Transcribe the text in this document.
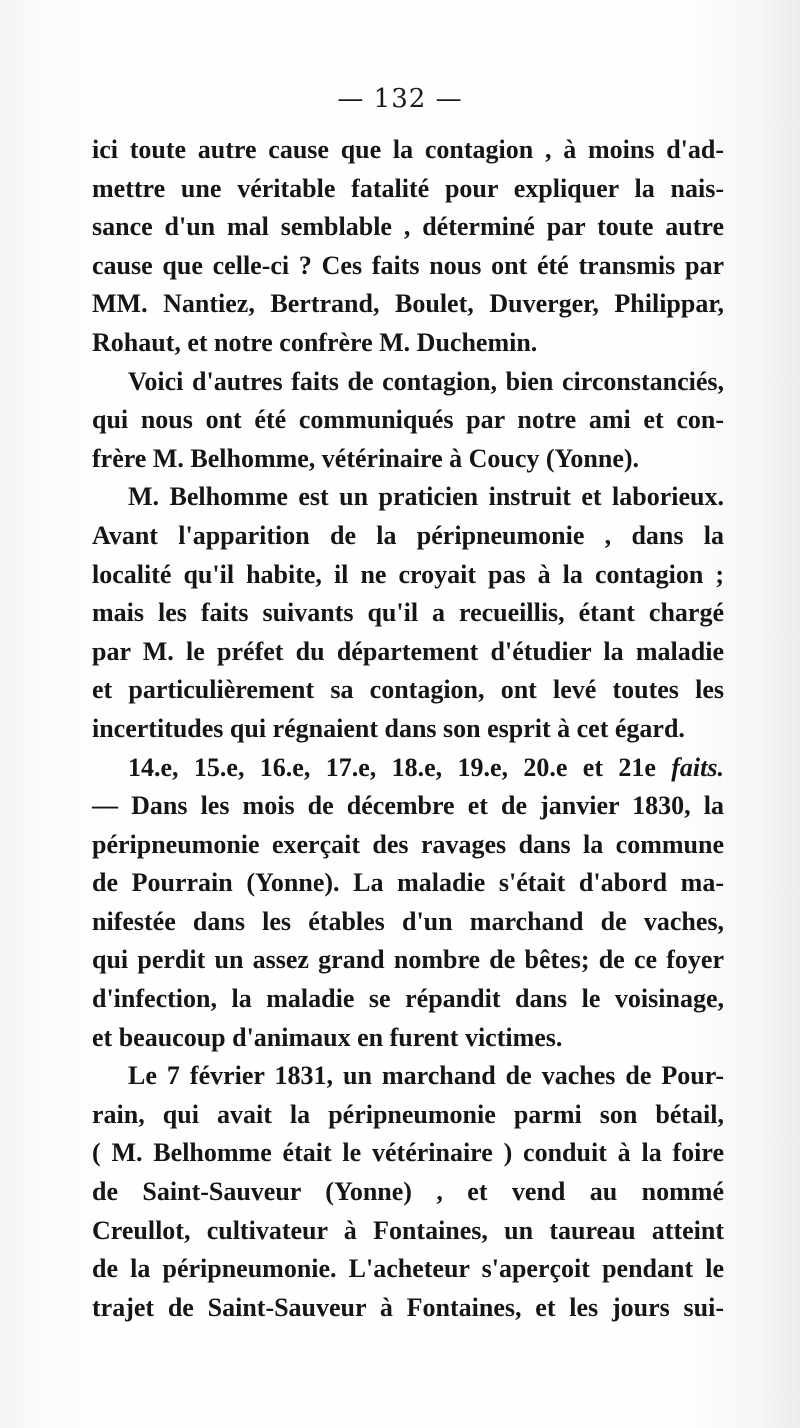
— 132 —
ici toute autre cause que la contagion , à moins d'ad-
mettre une véritable fatalité pour expliquer la nais-
sance d'un mal semblable , déterminé par toute autre
cause que celle-ci ? Ces faits nous ont été transmis par
MM. Nantiez, Bertrand, Boulet, Duverger, Philippar,
Rohaut, et notre confrère M. Duchemin.
Voici d'autres faits de contagion, bien circonstanciés,
qui nous ont été communiqués par notre ami et con-
frère M. Belhomme, vétérinaire à Coucy (Yonne).
M. Belhomme est un praticien instruit et laborieux.
Avant l'apparition de la péripneumonie , dans la
localité qu'il habite, il ne croyait pas à la contagion ;
mais les faits suivants qu'il a recueillis, étant chargé
par M. le préfet du département d'étudier la maladie
et particulièrement sa contagion, ont levé toutes les
incertitudes qui régnaient dans son esprit à cet égard.
14.e, 15.e, 16.e, 17.e, 18.e, 19.e, 20.e et 21e faits.
— Dans les mois de décembre et de janvier 1830, la
péripneumonie exerçait des ravages dans la commune
de Pourrain (Yonne). La maladie s'était d'abord ma-
nifestée dans les étables d'un marchand de vaches,
qui perdit un assez grand nombre de bêtes; de ce foyer
d'infection, la maladie se répandit dans le voisinage,
et beaucoup d'animaux en furent victimes.
Le 7 février 1831, un marchand de vaches de Pour-
rain, qui avait la péripneumonie parmi son bétail,
( M. Belhomme était le vétérinaire ) conduit à la foire
de Saint-Sauveur (Yonne) , et vend au nommé
Creullot, cultivateur à Fontaines, un taureau atteint
de la péripneumonie. L'acheteur s'aperçoit pendant le
trajet de Saint-Sauveur à Fontaines, et les jours sui-
